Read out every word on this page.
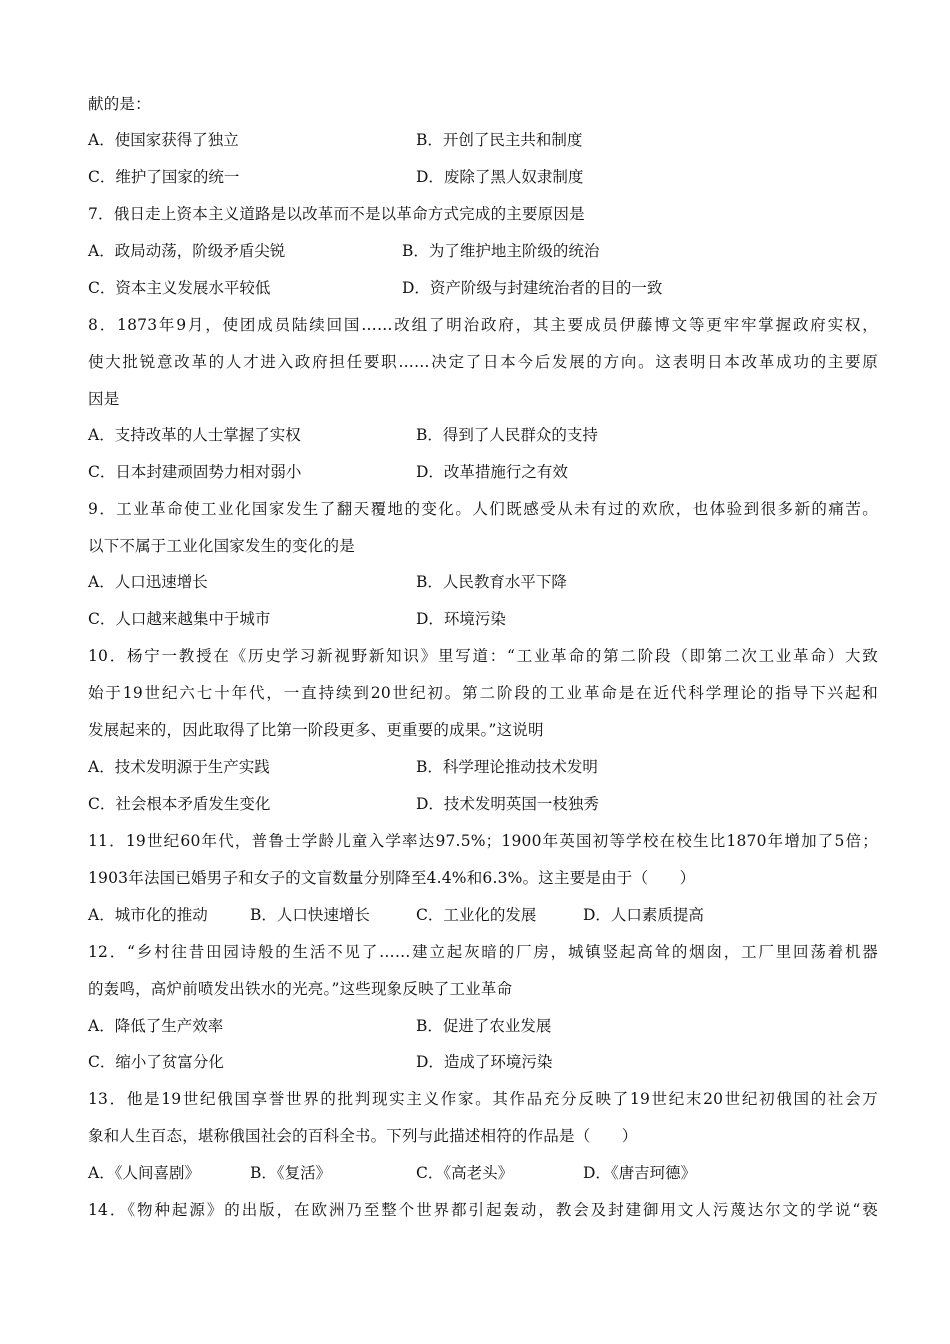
献的是：
A．使国家获得了独立	B．开创了民主共和制度
C．维护了国家的统一	D．废除了黑人奴隶制度
7．俄日走上资本主义道路是以改革而不是以革命方式完成的主要原因是
A．政局动荡，阶级矛盾尖锐	B．为了维护地主阶级的统治
C．资本主义发展水平较低	D．资产阶级与封建统治者的目的一致
8．1873年9月，使团成员陆续回国……改组了明治政府，其主要成员伊藤博文等更牢牢掌握政府实权，
使大批锐意改革的人才进入政府担任要职……决定了日本今后发展的方向。这表明日本改革成功的主要原
因是
A．支持改革的人士掌握了实权	B．得到了人民群众的支持
C．日本封建顽固势力相对弱小	D．改革措施行之有效
9．工业革命使工业化国家发生了翻天覆地的变化。人们既感受从未有过的欢欣，也体验到很多新的痛苦。
以下不属于工业化国家发生的变化的是
A．人口迅速增长	B．人民教育水平下降
C．人口越来越集中于城市	D．环境污染
10．杨宁一教授在《历史学习新视野新知识》里写道：“工业革命的第二阶段（即第二次工业革命）大致
始于19世纪六七十年代，一直持续到20世纪初。第二阶段的工业革命是在近代科学理论的指导下兴起和
发展起来的，因此取得了比第一阶段更多、更重要的成果。”这说明
A．技术发明源于生产实践	B．科学理论推动技术发明
C．社会根本矛盾发生变化	D．技术发明英国一枝独秀
11．19世纪60年代，普鲁士学龄儿童入学率达97.5%；1900年英国初等学校在校生比1870年增加了5倍；
1903年法国已婚男子和女子的文盲数量分别降至4.4%和6.3%。这主要是由于（　　）
A．城市化的推动	B．人口快速增长	C．工业化的发展	D．人口素质提高
12．“乡村往昔田园诗般的生活不见了……建立起灰暗的厂房，城镇竖起高耸的烟囱，工厂里回荡着机器
的轰鸣，高炉前喷发出铁水的光亮。”这些现象反映了工业革命
A．降低了生产效率	B．促进了农业发展
C．缩小了贫富分化	D．造成了环境污染
13．他是19世纪俄国享誉世界的批判现实主义作家。其作品充分反映了19世纪末20世纪初俄国的社会万
象和人生百态，堪称俄国社会的百科全书。下列与此描述相符的作品是（　　）
A．《人间喜剧》	B．《复活》	C．《高老头》	D．《唐吉珂德》
14．《物种起源》的出版，在欧洲乃至整个世界都引起轰动，教会及封建御用文人污蔑达尔文的学说“亵
